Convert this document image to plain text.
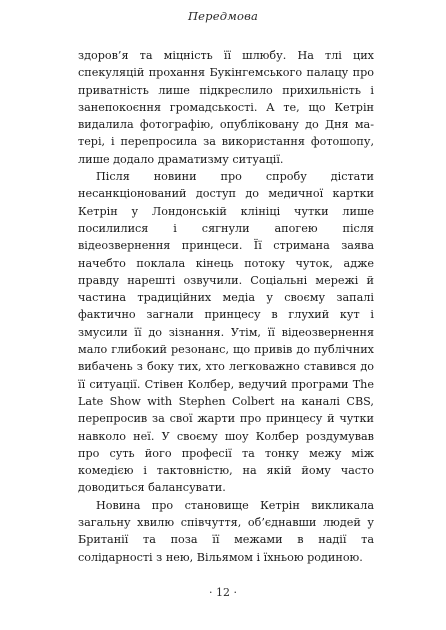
Передмова

здоров’я та міцність її шлюбу. На тлі цих спекуляцій прохання Букінгемського палацу про приватність лише підкреслило прихильність і занепокоєння громадськості. А те, що Кетрін видалила фотографію, опубліковану до Дня матері, і перепросила за використання фотошопу, лише додало драматизму ситуації.

Після новини про спробу дістати несанкціонований доступ до медичної картки Кетрін у Лондонській клініці чутки лише посилилися і сягнули апогею після відеозвернення принцеси. Її стримана заява начебто поклала кінець потоку чуток, адже правду нарешті озвучили. Соціальні мережі й частина традиційних медіа у своєму запалі фактично загнали принцесу в глухий кут і змусили її до зізнання. Утім, її відеозвернення мало глибокий резонанс, що привів до публічних вибачень з боку тих, хто легковажно ставився до її ситуації. Стівен Колбер, ведучий програми The Late Show with Stephen Colbert на каналі CBS, перепросив за свої жарти про принцесу й чутки навколо неї. У своєму шоу Колбер роздумував про суть його професії та тонку межу між комедією і тактовністю, на якій йому часто доводиться балансувати.

Новина про становище Кетрін викликала загальну хвилю співчуття, об’єднавши людей у Британії та поза її межами в надії та солідарності з нею, Вільямом і їхньою родиною.

· 12 ·
